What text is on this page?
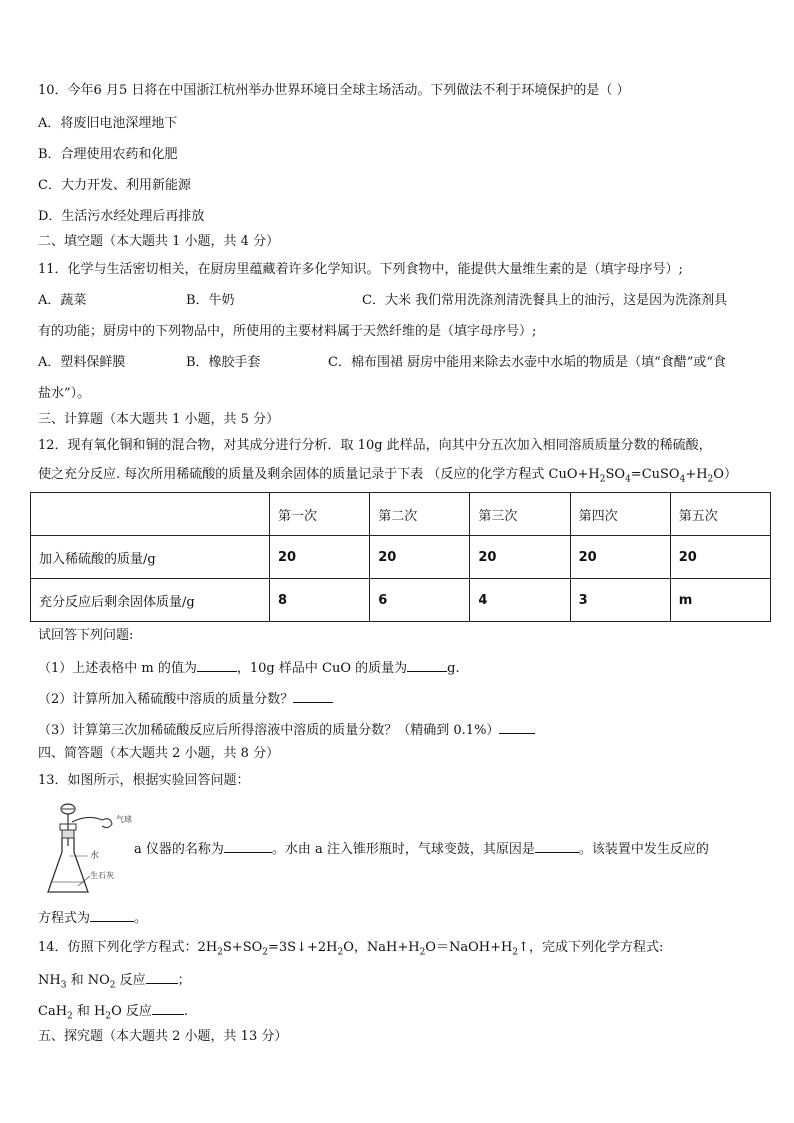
10．今年6 月5 日将在中国浙江杭州举办世界环境日全球主场活动。下列做法不利于环境保护的是（ ）
A．将废旧电池深埋地下
B．合理使用农药和化肥
C．大力开发、利用新能源
D．生活污水经处理后再排放
二、填空题（本大题共 1 小题，共 4 分）
11．化学与生活密切相关，在厨房里蕴藏着许多化学知识。下列食物中，能提供大量维生素的是（填字母序号）;
A．蔬菜	B．牛奶	C．大米 我们常用洗涤剂清洗餐具上的油污，这是因为洗涤剂具
有的功能；厨房中的下列物品中，所使用的主要材料属于天然纤维的是（填字母序号）;
A．塑料保鲜膜	B．橡胶手套	C．棉布围裙 厨房中能用来除去水壶中水垢的物质是（填“食醋”或“食
盐水”）。
三、计算题（本大题共 1 小题，共 5 分）
12．现有氧化铜和铜的混合物，对其成分进行分析．取 10g 此样品，向其中分五次加入相同溶质质量分数的稀硫酸，
使之充分反应. 每次所用稀硫酸的质量及剩余固体的质量记录于下表 （反应的化学方程式 $CuO+H_2SO_4=CuSO_4+H_2O$）
	第一次	第二次	第三次	第四次	第五次
加入稀硫酸的质量/g	20	20	20	20	20
充分反应后剩余固体质量/g	8	6	4	3	m
试回答下列问题:
（1）上述表格中 m 的值为	，10g 样品中 CuO 的质量为	g.
（2）计算所加入稀硫酸中溶质的质量分数？
（3）计算第三次加稀硫酸反应后所得溶液中溶质的质量分数？（精确到 0.1%）
四、简答题（本大题共 2 小题，共 8 分）
13．如图所示，根据实验回答问题：
气球
水
生石灰
a 仪器的名称为	。水由 a 注入锥形瓶时，气球变鼓，其原因是	。该装置中发生反应的
方程式为	。
14．仿照下列化学方程式：$2H_2S+SO_2=3S↓+2H_2O$，$NaH+H_2O=NaOH+H_2↑$，完成下列化学方程式:
$NH_3$ 和 $NO_2$ 反应 ；
CaH$_2$ 和 $H_2O$ 反应 .
五、探究题（本大题共 2 小题，共 13 分）
